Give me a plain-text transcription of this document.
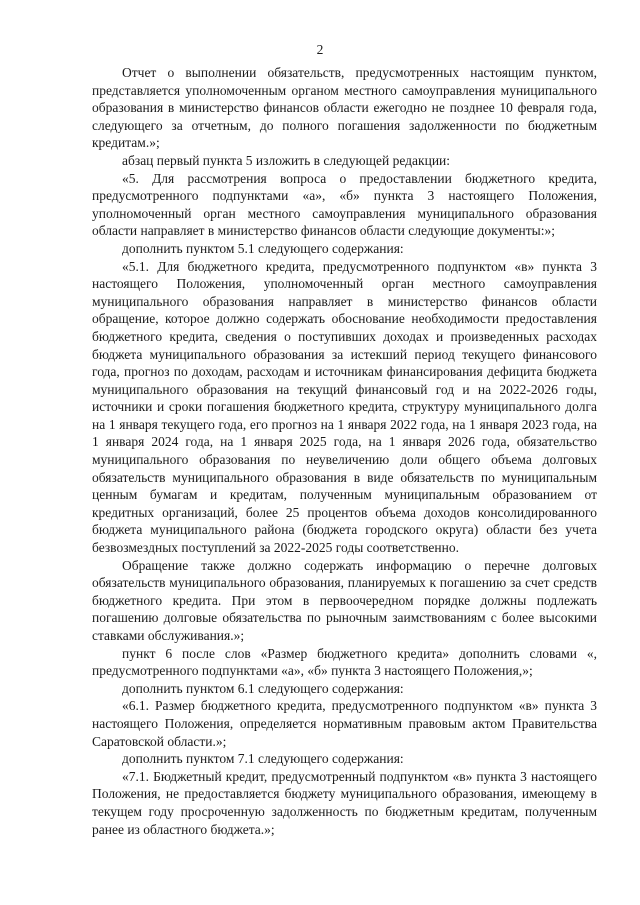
2

Отчет о выполнении обязательств, предусмотренных настоящим пунктом, представляется уполномоченным органом местного самоуправления муниципального образования в министерство финансов области ежегодно не позднее 10 февраля года, следующего за отчетным, до полного погашения задолженности по бюджетным кредитам.»;

абзац первый пункта 5 изложить в следующей редакции:

«5. Для рассмотрения вопроса о предоставлении бюджетного кредита, предусмотренного подпунктами «а», «б» пункта 3 настоящего Положения, уполномоченный орган местного самоуправления муниципального образования области направляет в министерство финансов области следующие документы:»;

дополнить пунктом 5.1 следующего содержания:

«5.1. Для бюджетного кредита, предусмотренного подпунктом «в» пункта 3 настоящего Положения, уполномоченный орган местного самоуправления муниципального образования направляет в министерство финансов области обращение, которое должно содержать обоснование необходимости предоставления бюджетного кредита, сведения о поступивших доходах и произведенных расходах бюджета муниципального образования за истекший период текущего финансового года, прогноз по доходам, расходам и источникам финансирования дефицита бюджета муниципального образования на текущий финансовый год и на 2022-2026 годы, источники и сроки погашения бюджетного кредита, структуру муниципального долга на 1 января текущего года, его прогноз на 1 января 2022 года, на 1 января 2023 года, на 1 января 2024 года, на 1 января 2025 года, на 1 января 2026 года, обязательство муниципального образования по неувеличению доли общего объема долговых обязательств муниципального образования в виде обязательств по муниципальным ценным бумагам и кредитам, полученным муниципальным образованием от кредитных организаций, более 25 процентов объема доходов консолидированного бюджета муниципального района (бюджета городского округа) области без учета безвозмездных поступлений за 2022-2025 годы соответственно.

Обращение также должно содержать информацию о перечне долговых обязательств муниципального образования, планируемых к погашению за счет средств бюджетного кредита. При этом в первоочередном порядке должны подлежать погашению долговые обязательства по рыночным заимствованиям с более высокими ставками обслуживания.»;

пункт 6 после слов «Размер бюджетного кредита» дополнить словами «, предусмотренного подпунктами «а», «б» пункта 3 настоящего Положения,»;

дополнить пунктом 6.1 следующего содержания:

«6.1. Размер бюджетного кредита, предусмотренного подпунктом «в» пункта 3 настоящего Положения, определяется нормативным правовым актом Правительства Саратовской области.»;

дополнить пунктом 7.1 следующего содержания:

«7.1. Бюджетный кредит, предусмотренный подпунктом «в» пункта 3 настоящего Положения, не предоставляется бюджету муниципального образования, имеющему в текущем году просроченную задолженность по бюджетным кредитам, полученным ранее из областного бюджета.»;
